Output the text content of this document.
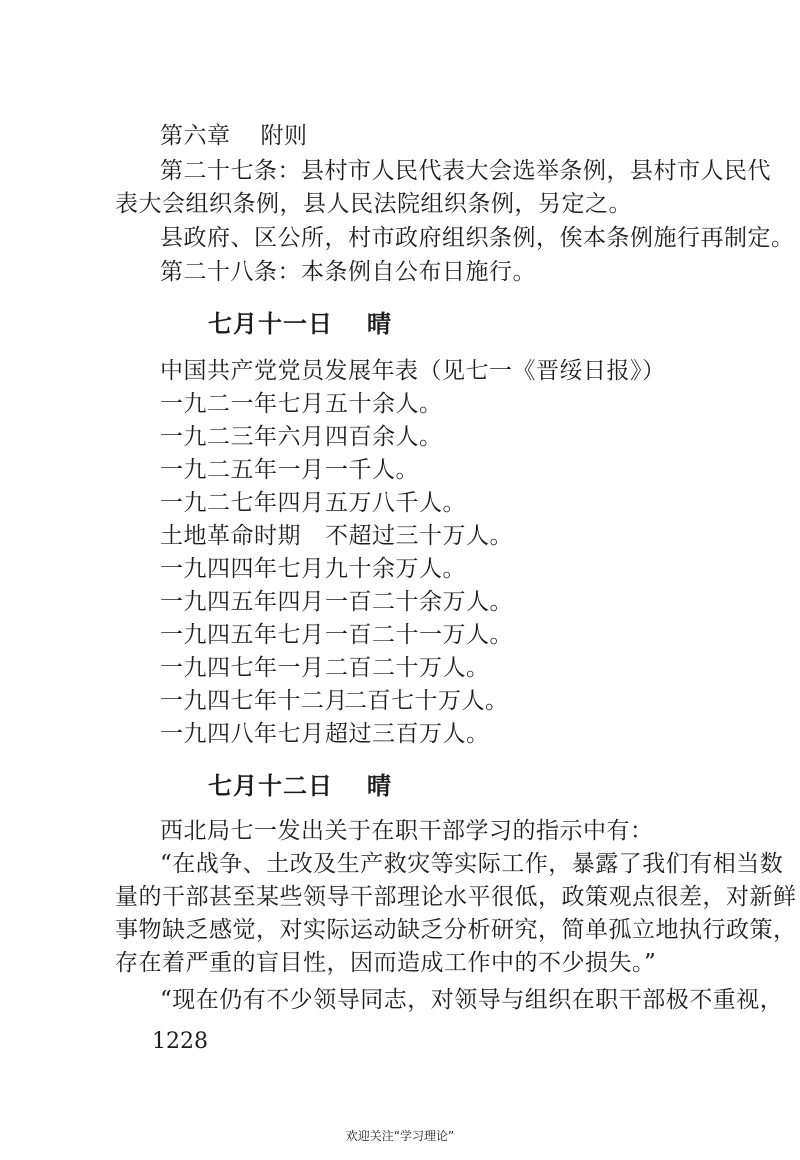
第六章 附则
第二十七条：县村市人民代表大会选举条例，县村市人民代
表大会组织条例，县人民法院组织条例，另定之。
县政府、区公所，村市政府组织条例，俟本条例施行再制定。
第二十八条：本条例自公布日施行。
七月十一日 晴
中国共产党党员发展年表（见七一《晋绥日报》）
一九二一年七月五十余人。
一九二三年六月四百余人。
一九二五年一月一千人。
一九二七年四月五万八千人。
土地革命时期 不超过三十万人。
一九四四年七月九十余万人。
一九四五年四月一百二十余万人。
一九四五年七月一百二十一万人。
一九四七年一月二百二十万人。
一九四七年十二月二百七十万人。
一九四八年七月超过三百万人。
七月十二日 晴
西北局七一发出关于在职干部学习的指示中有：
“在战争、土改及生产救灾等实际工作，暴露了我们有相当数
量的干部甚至某些领导干部理论水平很低，政策观点很差，对新鲜
事物缺乏感觉，对实际运动缺乏分析研究，简单孤立地执行政策，
存在着严重的盲目性，因而造成工作中的不少损失。”
“现在仍有不少领导同志，对领导与组织在职干部极不重视，
1228
欢迎关注“学习理论”
